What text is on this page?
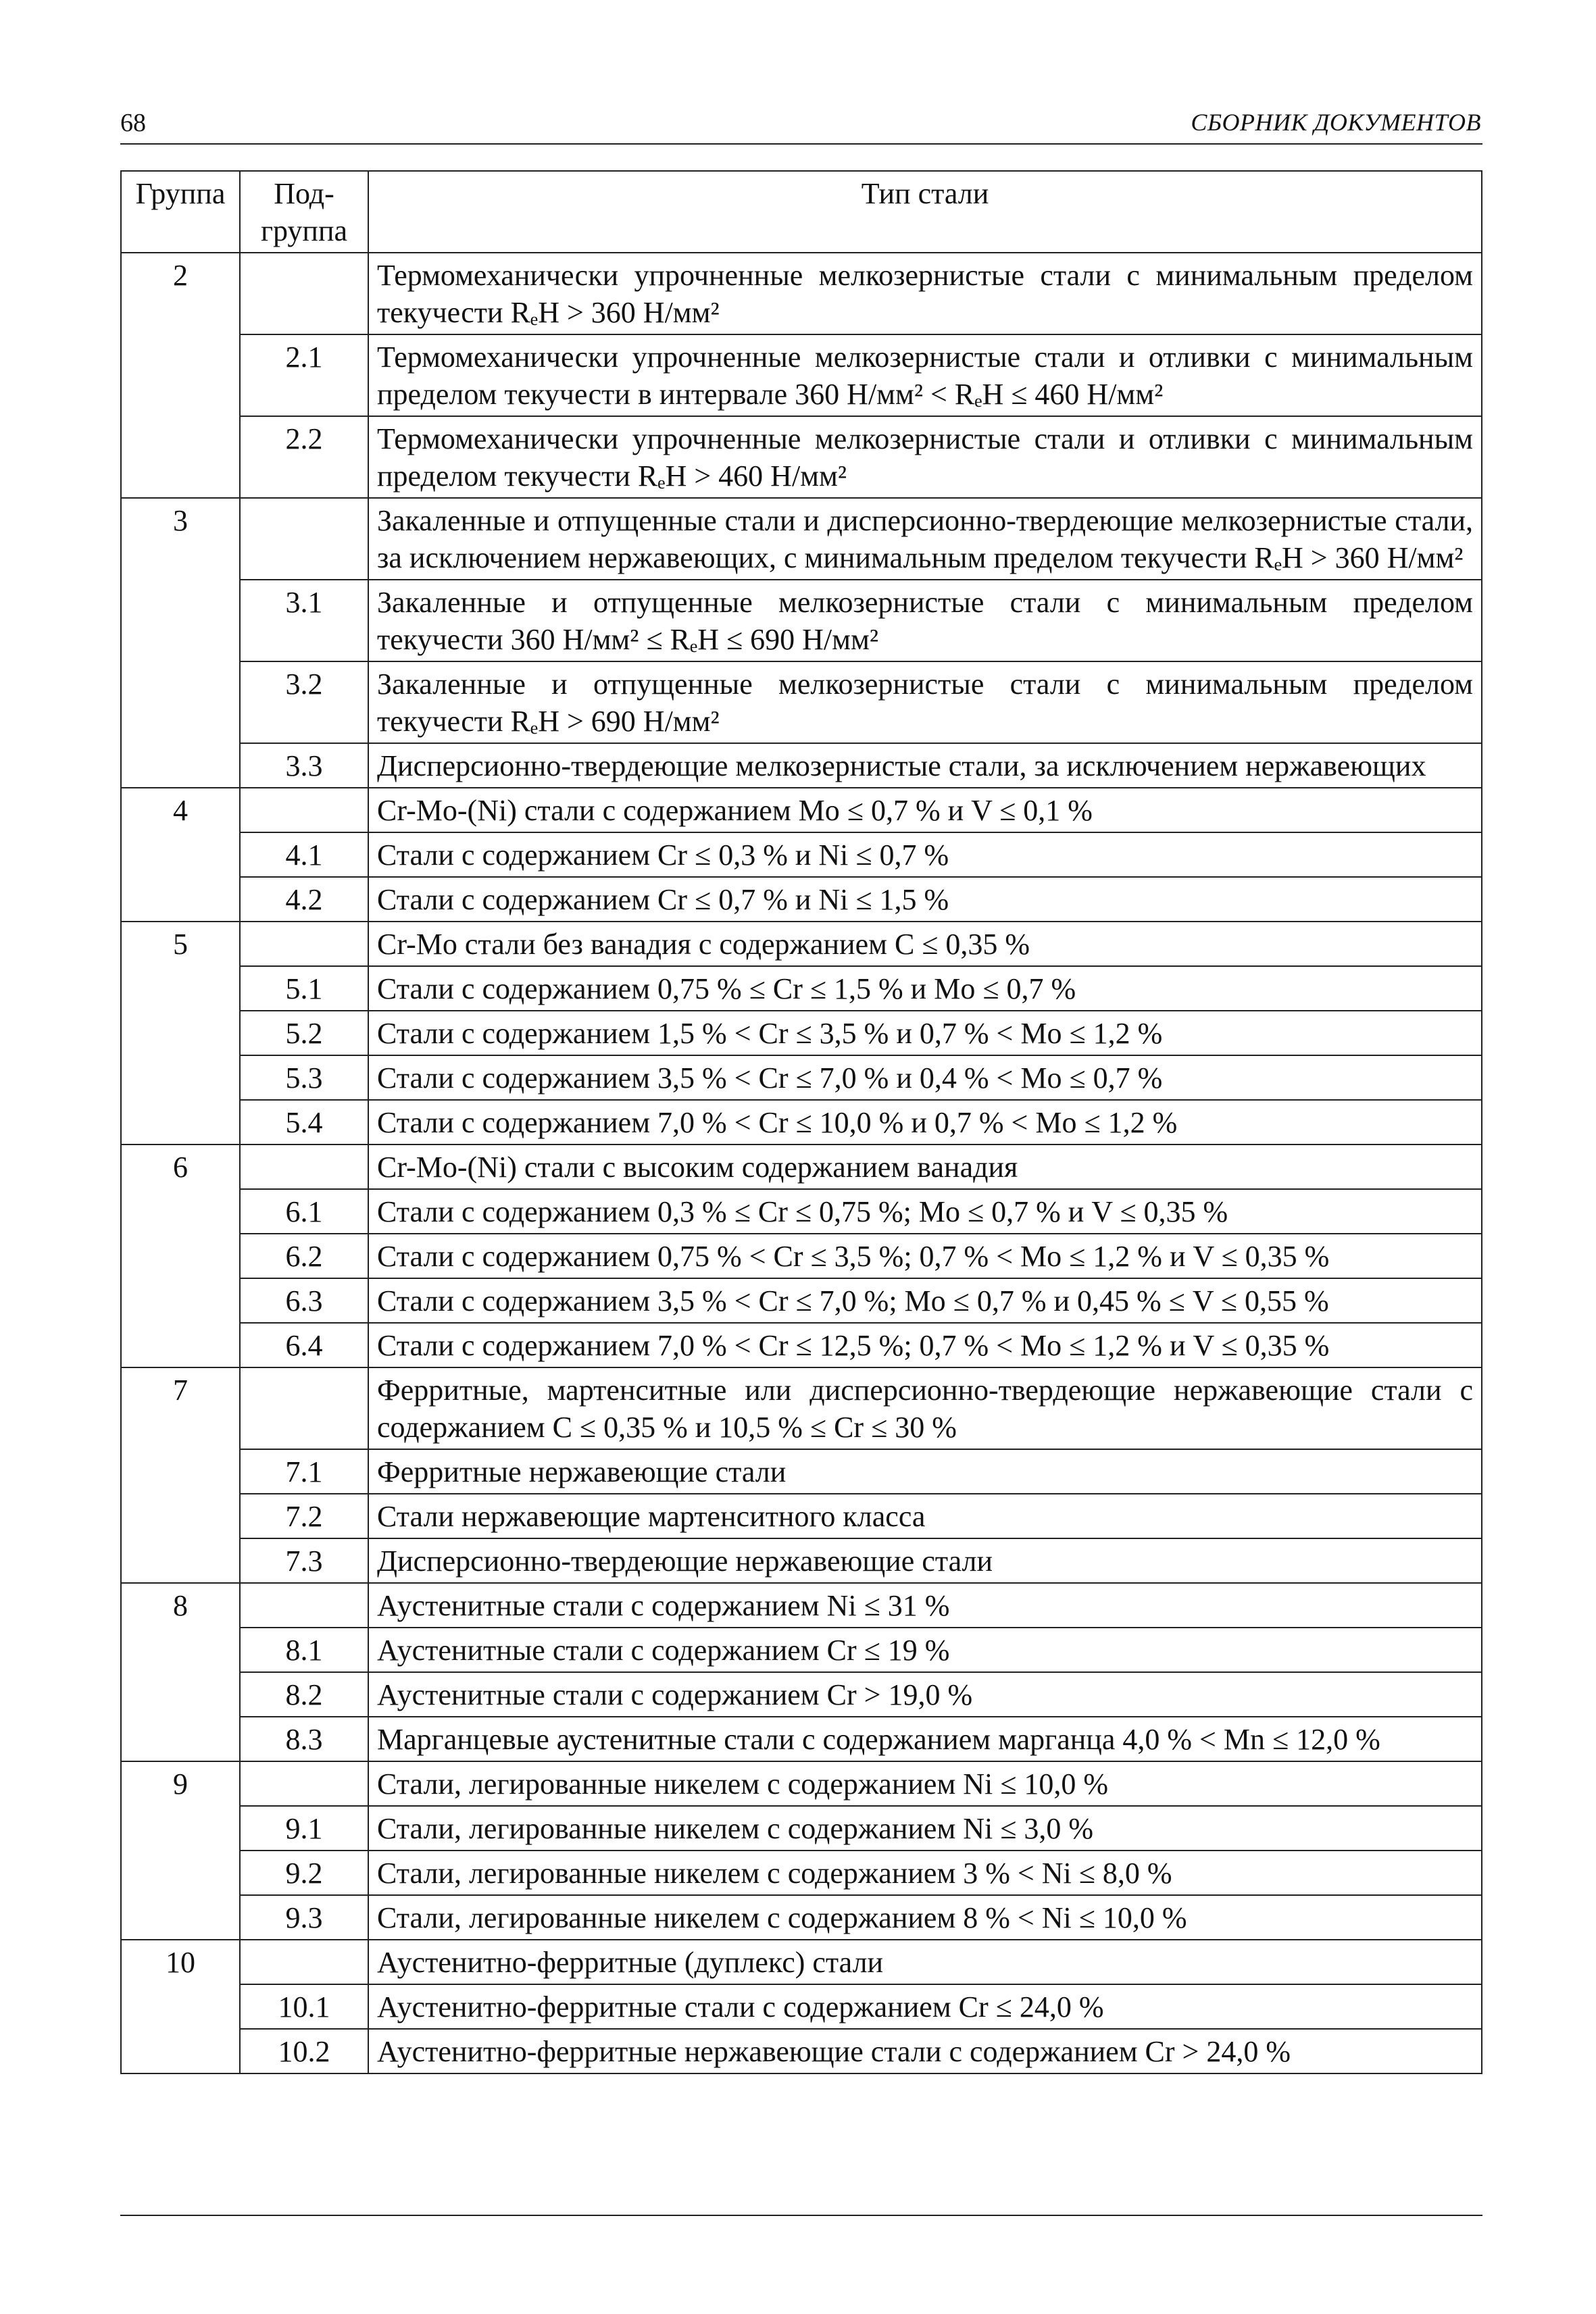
68	СБОРНИК ДОКУМЕНТОВ
Группа	Под-группа	Тип стали
2		Термомеханически упрочненные мелкозернистые стали с минимальным пределом текучести RₑH > 360 Н/мм²
	2.1	Термомеханически упрочненные мелкозернистые стали и отливки с минимальным пределом текучести в интервале 360 Н/мм² < RₑH ≤ 460 Н/мм²
	2.2	Термомеханически упрочненные мелкозернистые стали и отливки с минимальным пределом текучести RₑH > 460 Н/мм²
3		Закаленные и отпущенные стали и дисперсионно-твердеющие мелкозернистые стали, за исключением нержавеющих, с минимальным пределом текучести RₑH > 360 Н/мм²
	3.1	Закаленные и отпущенные мелкозернистые стали с минимальным пределом текучести 360 Н/мм² ≤ RₑH ≤ 690 Н/мм²
	3.2	Закаленные и отпущенные мелкозернистые стали с минимальным пределом текучести RₑH > 690 Н/мм²
	3.3	Дисперсионно-твердеющие мелкозернистые стали, за исключением нержавеющих
4		Cr-Mo-(Ni) стали с содержанием Mo ≤ 0,7 % и V ≤ 0,1 %
	4.1	Стали с содержанием Cr ≤ 0,3 % и Ni ≤ 0,7 %
	4.2	Стали с содержанием Cr ≤ 0,7 % и Ni ≤ 1,5 %
5		Cr-Mo стали без ванадия с содержанием C ≤ 0,35 %
	5.1	Стали с содержанием 0,75 % ≤ Cr ≤ 1,5 % и Mo ≤ 0,7 %
	5.2	Стали с содержанием 1,5 % < Cr ≤ 3,5 % и 0,7 % < Mo ≤ 1,2 %
	5.3	Стали с содержанием 3,5 % < Cr ≤ 7,0 % и 0,4 % < Mo ≤ 0,7 %
	5.4	Стали с содержанием 7,0 % < Cr ≤ 10,0 % и 0,7 % < Mo ≤ 1,2 %
6		Cr-Mo-(Ni) стали с высоким содержанием ванадия
	6.1	Стали с содержанием 0,3 % ≤ Cr ≤ 0,75 %; Mo ≤ 0,7 % и V ≤ 0,35 %
	6.2	Стали с содержанием 0,75 % < Cr ≤ 3,5 %; 0,7 % < Mo ≤ 1,2 % и V ≤ 0,35 %
	6.3	Стали с содержанием 3,5 % < Cr ≤ 7,0 %; Mo ≤ 0,7 % и 0,45 % ≤ V ≤ 0,55 %
	6.4	Стали с содержанием 7,0 % < Cr ≤ 12,5 %; 0,7 % < Mo ≤ 1,2 % и V ≤ 0,35 %
7		Ферритные, мартенситные или дисперсионно-твердеющие нержавеющие стали с содержанием C ≤ 0,35 % и 10,5 % ≤ Cr ≤ 30 %
	7.1	Ферритные нержавеющие стали
	7.2	Стали нержавеющие мартенситного класса
	7.3	Дисперсионно-твердеющие нержавеющие стали
8		Аустенитные стали с содержанием Ni ≤ 31 %
	8.1	Аустенитные стали с содержанием Cr ≤ 19 %
	8.2	Аустенитные стали с содержанием Cr > 19,0 %
	8.3	Марганцевые аустенитные стали с содержанием марганца 4,0 % < Mn ≤ 12,0 %
9		Стали, легированные никелем с содержанием Ni ≤ 10,0 %
	9.1	Стали, легированные никелем с содержанием Ni ≤ 3,0 %
	9.2	Стали, легированные никелем с содержанием 3 % < Ni ≤ 8,0 %
	9.3	Стали, легированные никелем с содержанием 8 % < Ni ≤ 10,0 %
10		Аустенитно-ферритные (дуплекс) стали
	10.1	Аустенитно-ферритные стали с содержанием Cr ≤ 24,0 %
	10.2	Аустенитно-ферритные нержавеющие стали с содержанием Cr > 24,0 %
